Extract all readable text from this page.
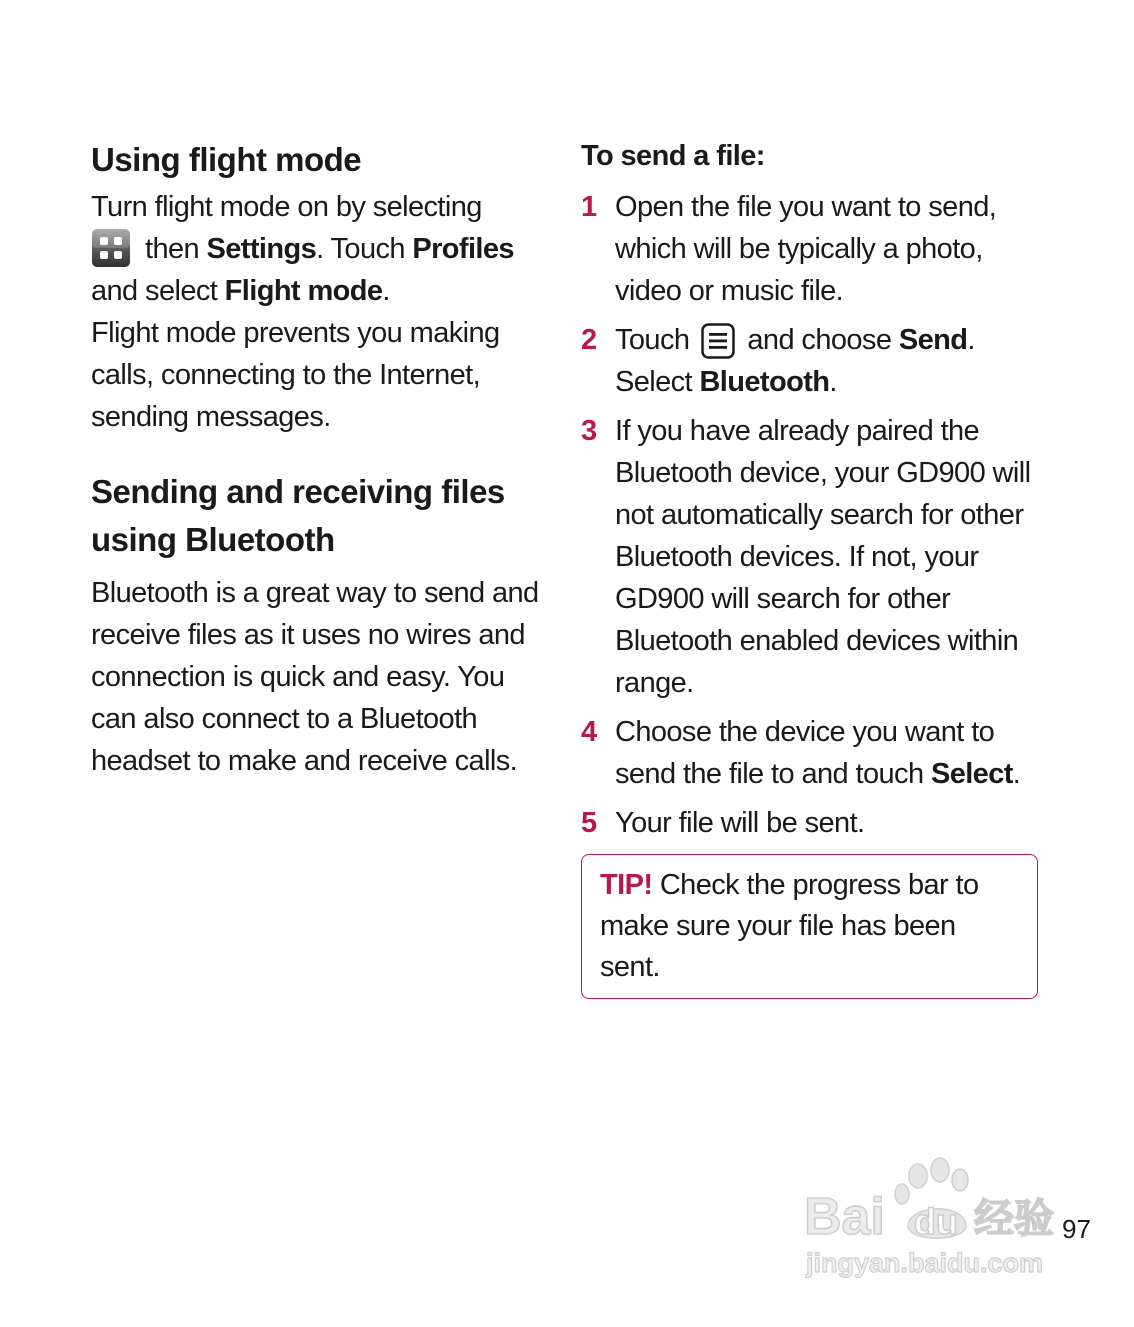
Using flight mode
Turn flight mode on by selecting
then Settings. Touch Profiles
and select Flight mode.

Flight mode prevents you making calls, connecting to the Internet, sending messages.

Sending and receiving files
using Bluetooth

Bluetooth is a great way to send and receive files as it uses no wires and connection is quick and easy. You can also connect to a Bluetooth headset to make and receive calls.

To send a file:
1 Open the file you want to send, which will be typically a photo, video or music file.
2 Touch and choose Send.
Select Bluetooth.
3 If you have already paired the Bluetooth device, your GD900 will not automatically search for other Bluetooth devices. If not, your GD900 will search for other Bluetooth enabled devices within range.
4 Choose the device you want to send the file to and touch Select.
5 Your file will be sent.
TIP! Check the progress bar to make sure your file has been sent.
Bai du 经验
jingyan.baidu.com
97
